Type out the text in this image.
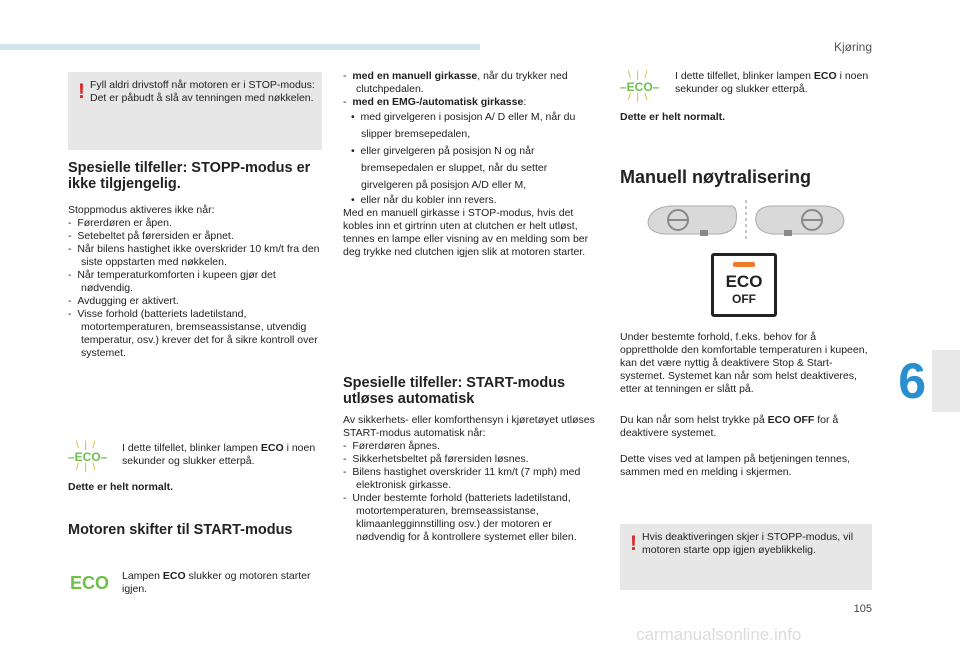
Kjøring
6
105
carmanualsonline.info
! Fyll aldri drivstoff når motoren er i STOP-modus: Det er påbudt å slå av tenningen med nøkkelen.
Spesielle tilfeller: STOPP-modus er ikke tilgjengelig.
Stoppmodus aktiveres ikke når:
-  Førerdøren er åpen.
-  Setebeltet på førersiden er åpnet.
-  Når bilens hastighet ikke overskrider 10 km/t fra den siste oppstarten med nøkkelen.
-  Når temperaturkomforten i kupeen gjør det nødvendig.
-  Avdugging er aktivert.
-  Visse forhold (batteriets ladetilstand, motortemperaturen, bremseassistanse, utvendig temperatur, osv.) krever det for å sikre kontroll over systemet.
\  |  /
–ECO–
/  |  \
I dette tilfellet, blinker lampen ECO i noen sekunder og slukker etterpå.
Dette er helt normalt.
Motoren skifter til START-modus
ECO Lampen ECO slukker og motoren starter igjen.
-  med en manuell girkasse, når du trykker ned clutchpedalen.
-  med en EMG-/automatisk girkasse:
•  med girvelgeren i posisjon A/ D eller M, når du slipper bremsepedalen,
•  eller girvelgeren på posisjon N og når bremsepedalen er sluppet, når du setter girvelgeren på posisjon A/D eller M,
•  eller når du kobler inn revers.
Med en manuell girkasse i STOP-modus, hvis det kobles inn et girtrinn uten at clutchen er helt utløst, tennes en lampe eller visning av en melding som ber deg trykke ned clutchen igjen slik at motoren starter.
Spesielle tilfeller: START-modus utløses automatisk
Av sikkerhets- eller komforthensyn i kjøretøyet utløses START-modus automatisk når:
-  Førerdøren åpnes.
-  Sikkerhetsbeltet på førersiden løsnes.
-  Bilens hastighet overskrider 11 km/t (7 mph) med elektronisk girkasse.
-  Under bestemte forhold (batteriets ladetilstand, motortemperaturen, bremseassistanse, klimaanlegginnstilling osv.) der motoren er nødvendig for å kontrollere systemet eller bilen.
\  |  /
–ECO–
/  |  \
I dette tilfellet, blinker lampen ECO i noen sekunder og slukker etterpå.
Dette er helt normalt.
Manuell nøytralisering
ECO
OFF
Under bestemte forhold, f.eks. behov for å opprettholde den komfortable temperaturen i kupeen, kan det være nyttig å deaktivere Stop & Start-systemet. Systemet kan når som helst deaktiveres, etter at tenningen er slått på.
Du kan når som helst trykke på ECO OFF for å deaktivere systemet.
Dette vises ved at lampen på betjeningen tennes, sammen med en melding i skjermen.
! Hvis deaktiveringen skjer i STOPP-modus, vil motoren starte opp igjen øyeblikkelig.
